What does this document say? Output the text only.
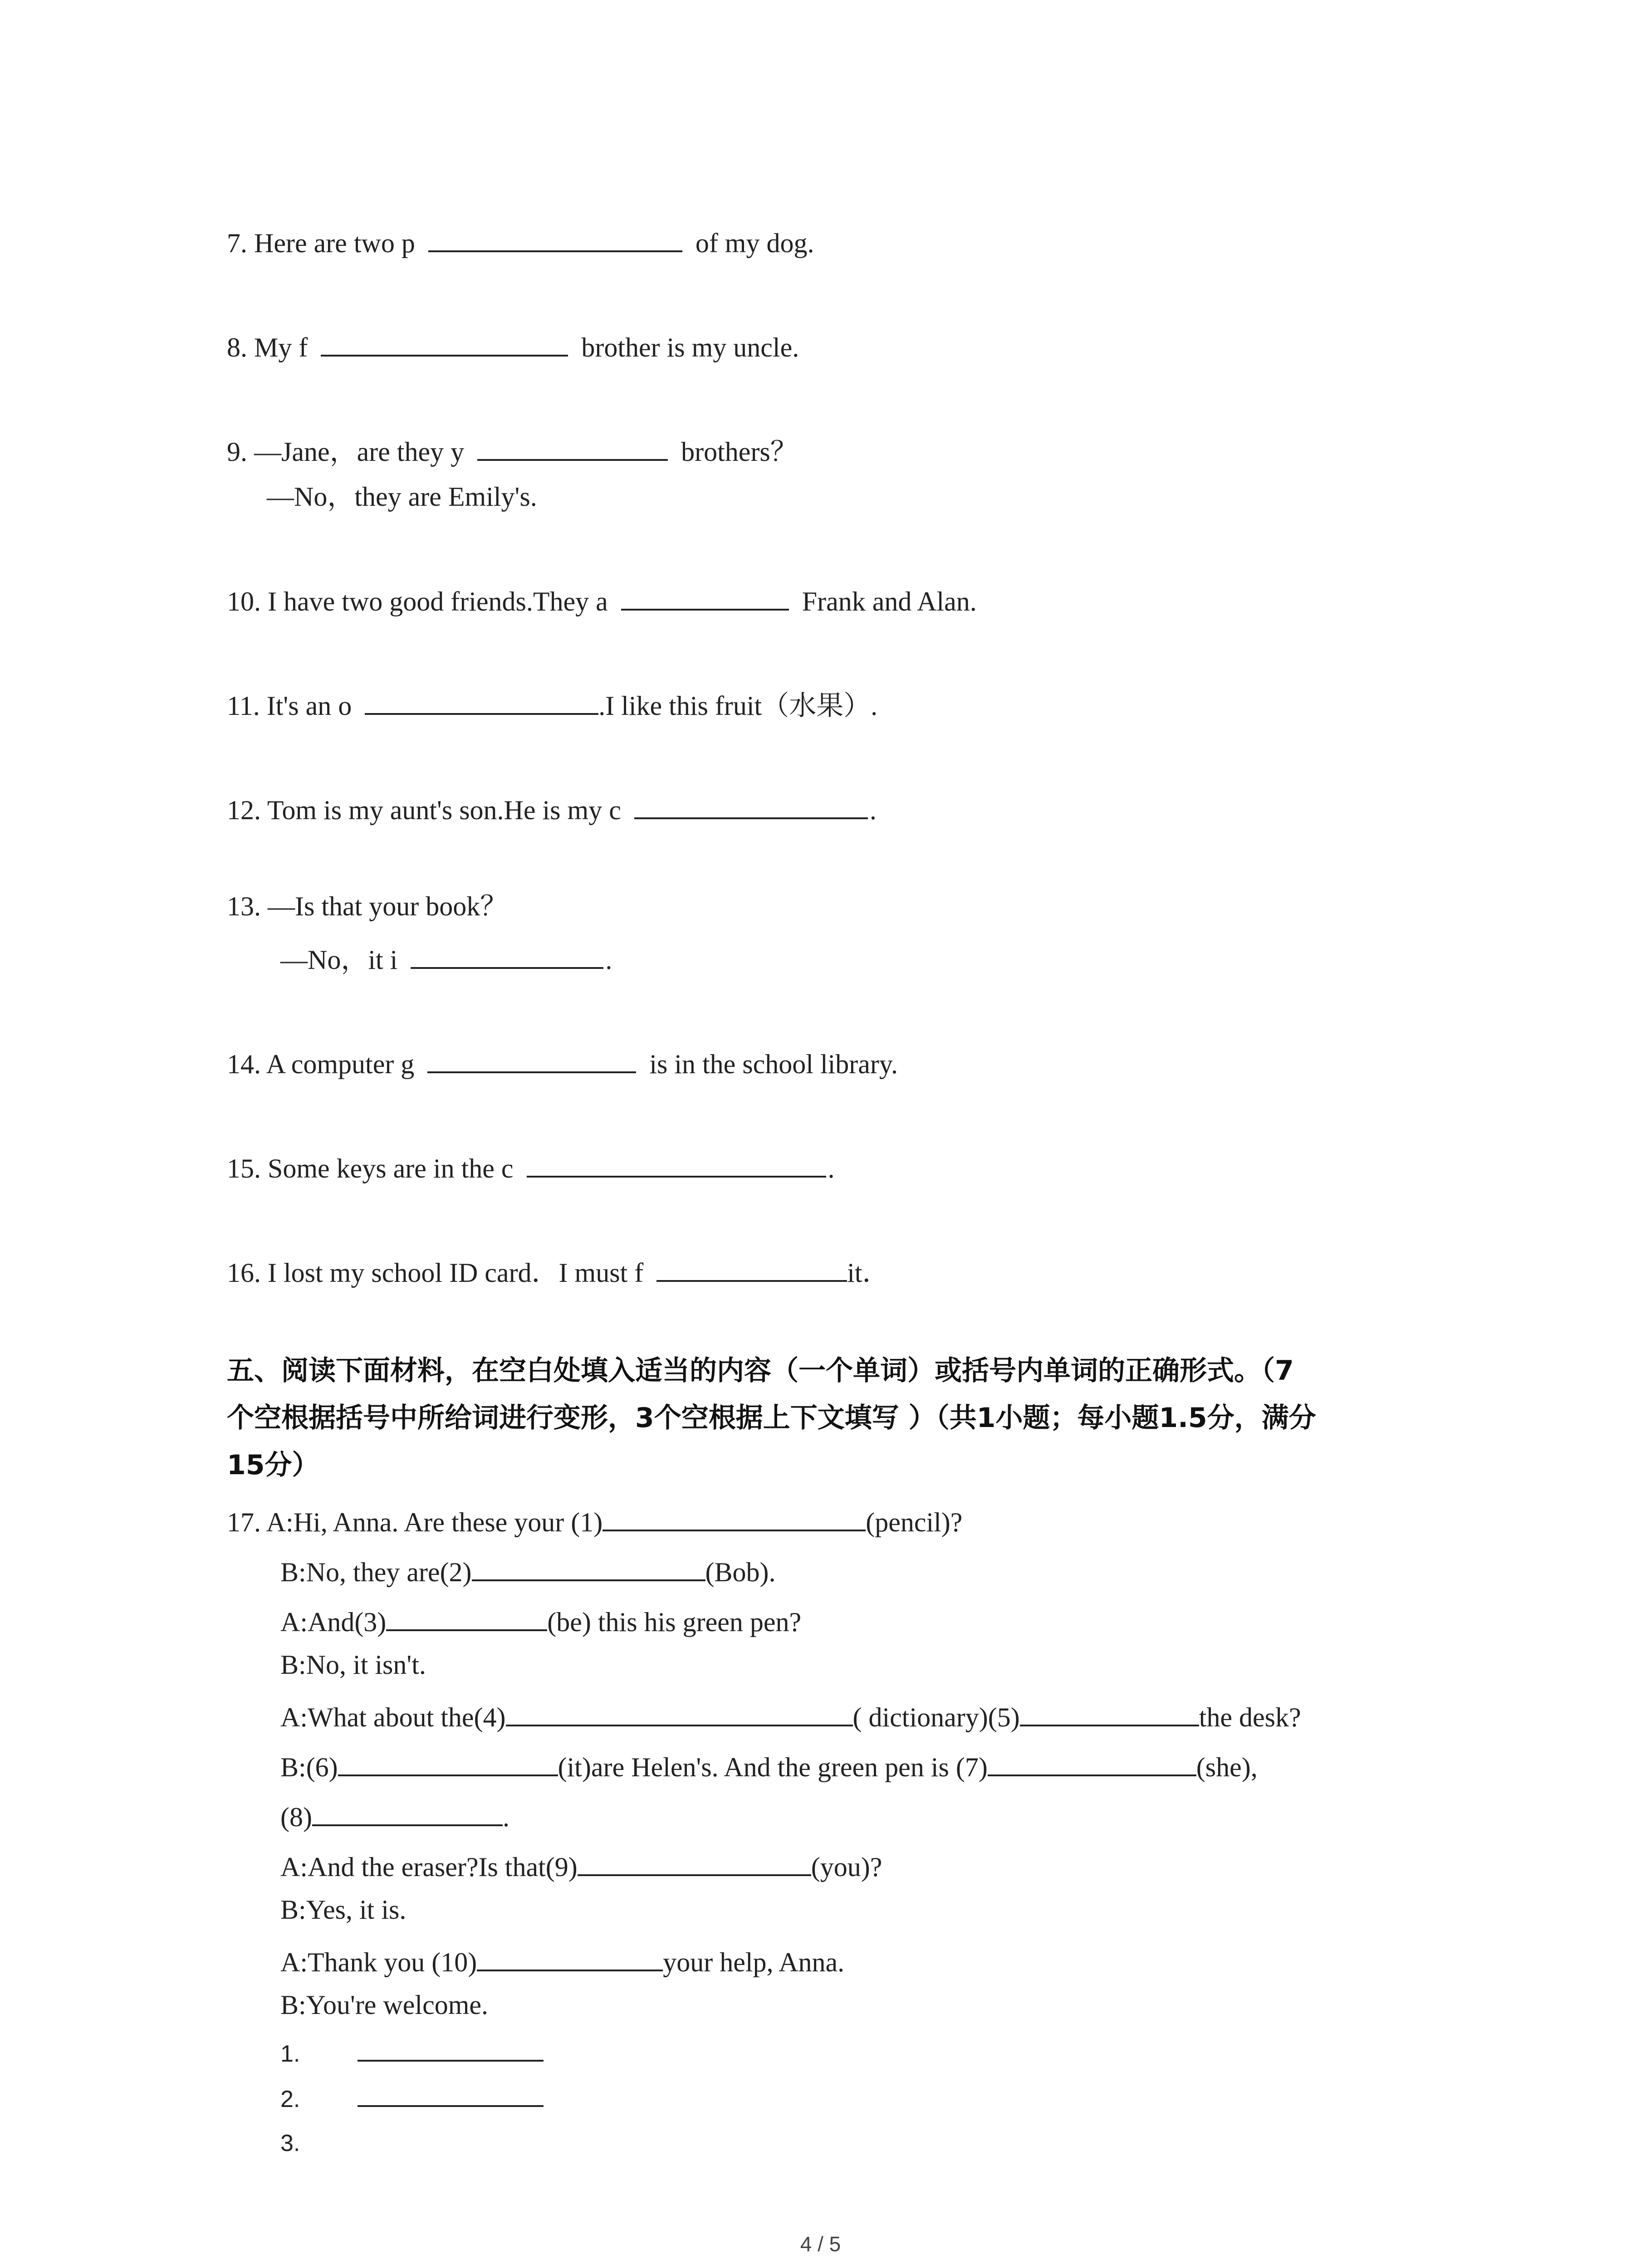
7. Here are two p	of my dog.
8. My f	brother is my uncle.
9. —Jane，are they y	brothers？
—No，they are Emily's.
10. I have two good friends.They a	Frank and Alan.
11. It's an o	.I like this fruit（水果）.
12. Tom is my aunt's son.He is my c	.
13. —Is that your book？
—No，it i	.
14. A computer g	is in the school library.
15. Some keys are in the c	.
16. I lost my school ID card．I must f	it．
五、阅读下面材料，在空白处填入适当的内容（一个单词）或括号内单词的正确形式。（7
个空根据括号中所给词进行变形，3个空根据上下文填写 ）（共1小题；每小题1.5分，满分
15分）
17. A:Hi, Anna. Are these your (1)	(pencil)?
B:No, they are(2)	(Bob).
A:And(3)	(be) this his green pen?
B:No, it isn't.
A:What about the(4)	( dictionary)(5)	the desk?
B:(6)	(it)are Helen's. And the green pen is (7)	(she),
(8)	.
A:And the eraser?Is that(9)	(you)?
B:Yes, it is.
A:Thank you (10)	your help, Anna.
B:You're welcome.
1.
2.
3.
4 / 5
